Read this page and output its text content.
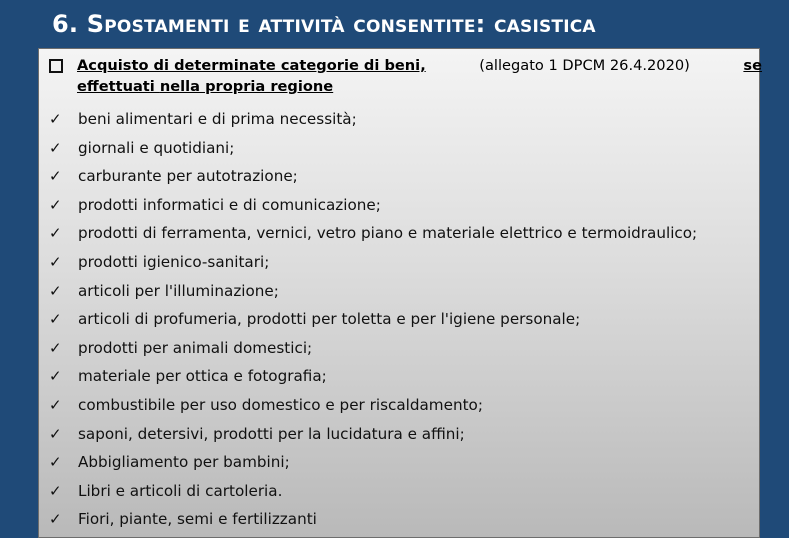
6. Spostamenti e attività consentite: casistica
Acquisto di determinate categorie di beni,	(allegato 1 DPCM 26.4.2020)	se
effettuati nella propria regione
✓ beni alimentari e di prima necessità;
✓ giornali e quotidiani;
✓ carburante per autotrazione;
✓ prodotti informatici e di comunicazione;
✓ prodotti di ferramenta, vernici, vetro piano e materiale elettrico e termoidraulico;
✓ prodotti igienico-sanitari;
✓ articoli per l'illuminazione;
✓ articoli di profumeria, prodotti per toletta e per l'igiene personale;
✓ prodotti per animali domestici;
✓ materiale per ottica e fotografia;
✓ combustibile per uso domestico e per riscaldamento;
✓ saponi, detersivi, prodotti per la lucidatura e affini;
✓ Abbigliamento per bambini;
✓ Libri e articoli di cartoleria.
✓ Fiori, piante, semi e fertilizzanti
